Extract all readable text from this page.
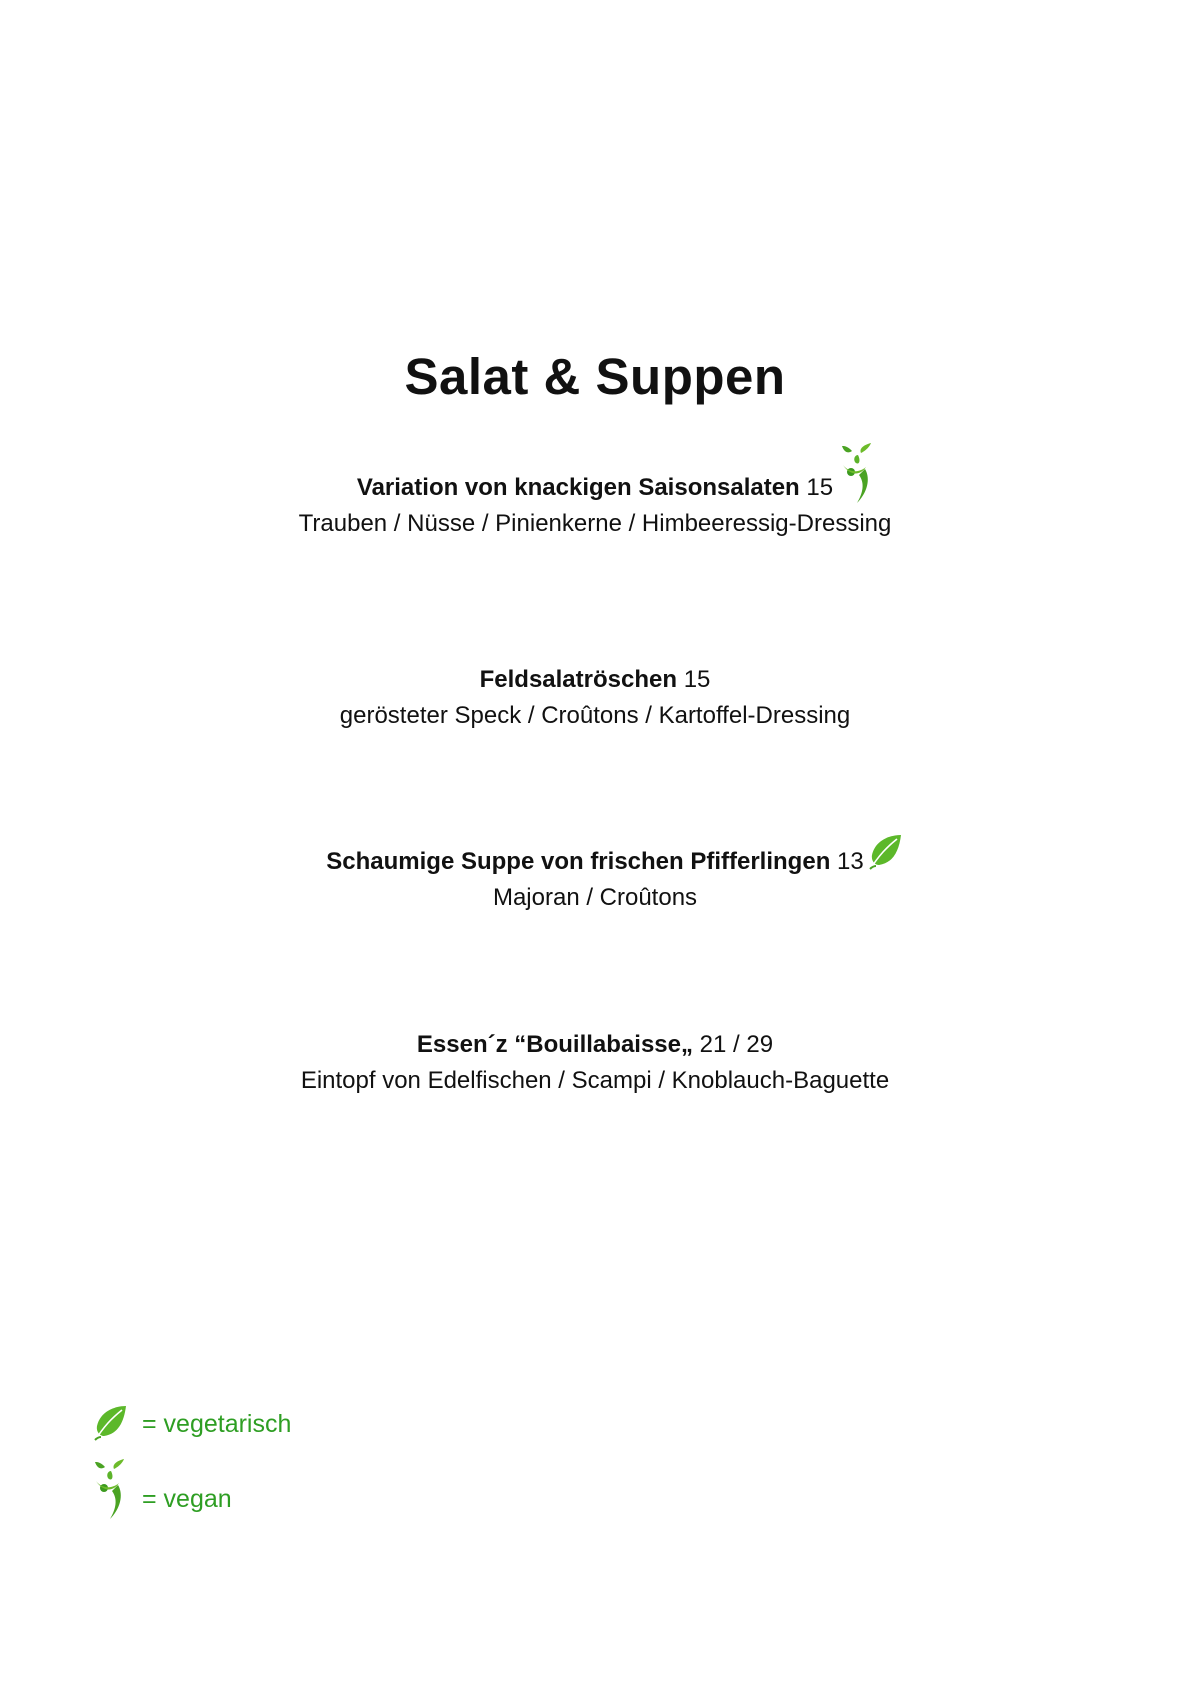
Salat & Suppen
Variation von knackigen Saisonsalaten 15
Trauben / Nüsse / Pinienkerne / Himbeeressig-Dressing
Feldsalatröschen 15
gerösteter Speck / Croûtons / Kartoffel-Dressing
Schaumige Suppe von frischen Pfifferlingen 13
Majoran / Croûtons
Essen´z “Bouillabaisse„ 21 / 29
Eintopf von Edelfischen / Scampi / Knoblauch-Baguette
= vegetarisch
= vegan
